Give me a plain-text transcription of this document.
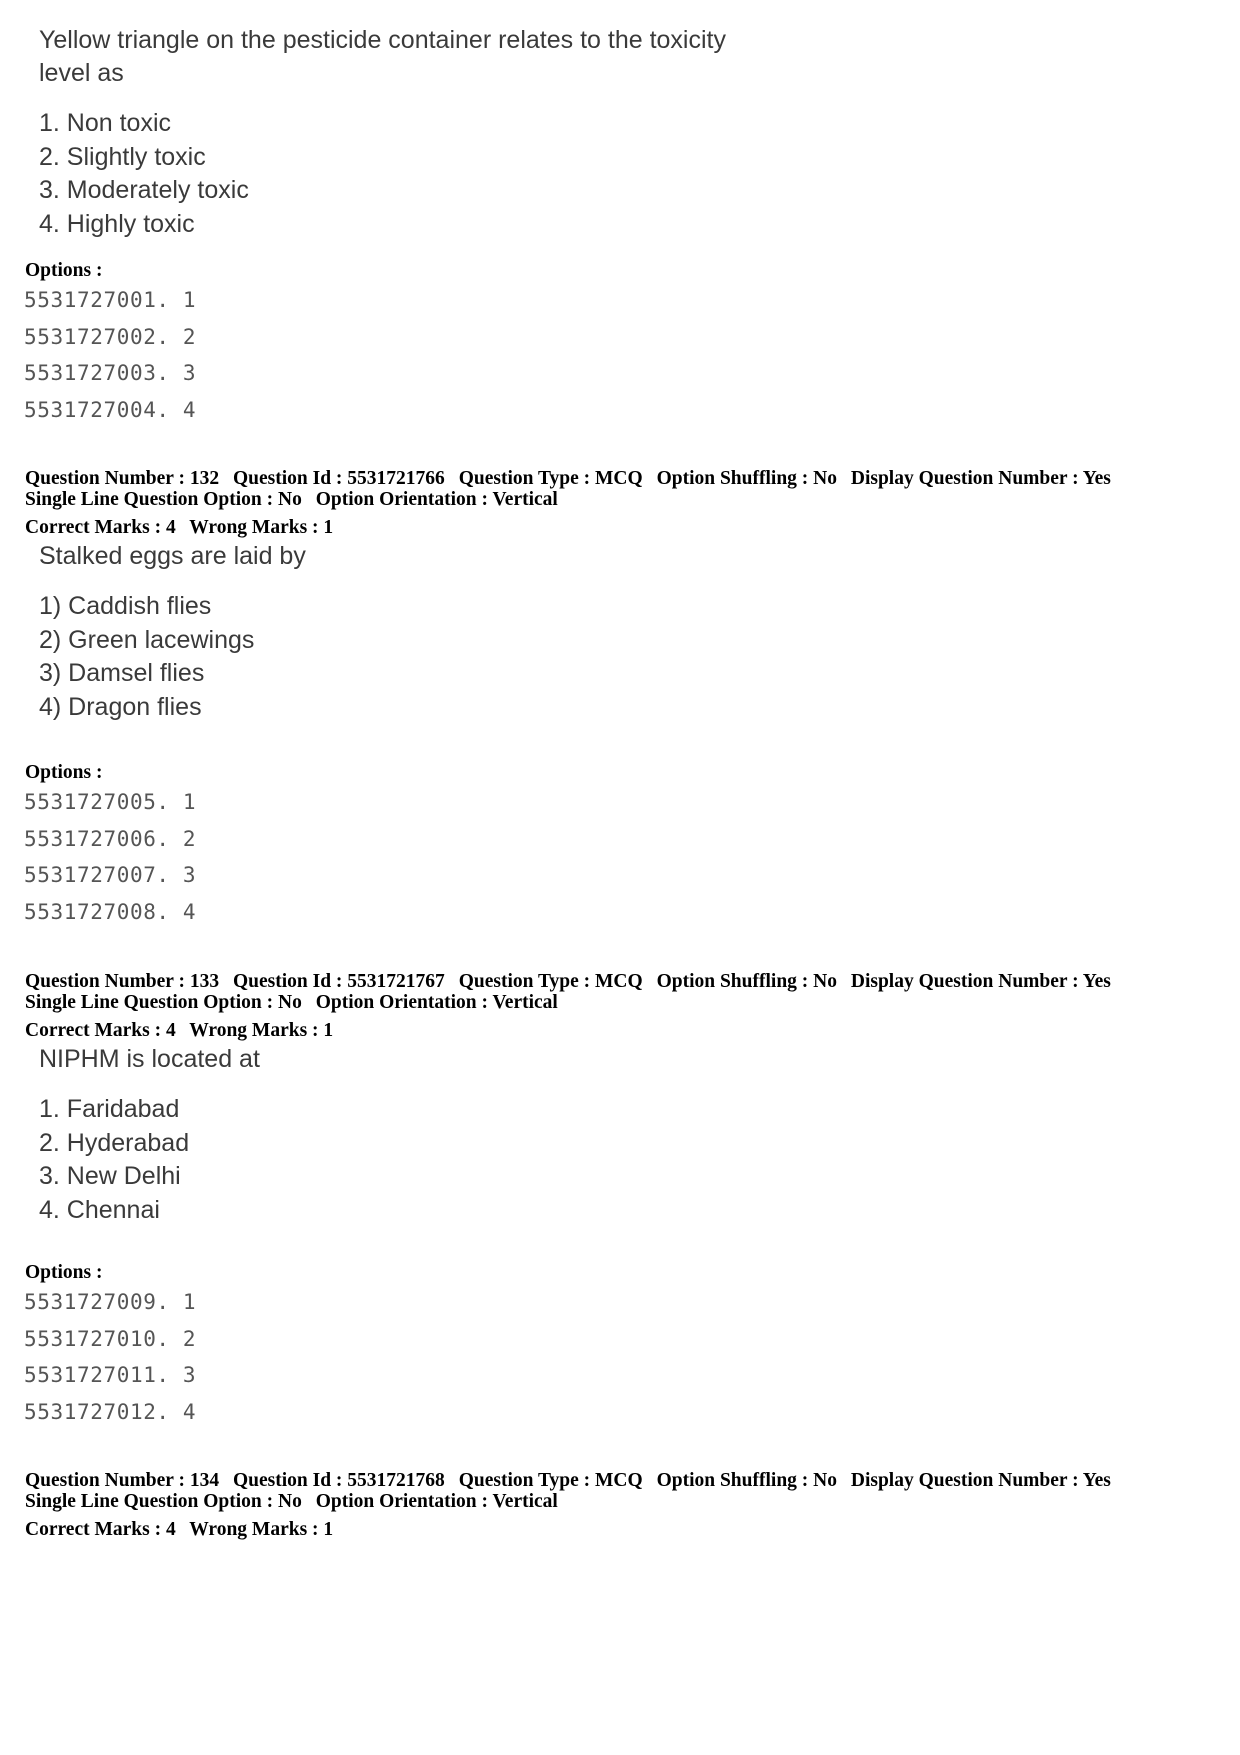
Yellow triangle on the pesticide container relates to the toxicity
level as
1. Non toxic
2. Slightly toxic
3. Moderately toxic
4. Highly toxic
Options :
5531727001. 1
5531727002. 2
5531727003. 3
5531727004. 4
Question Number : 132 Question Id : 5531721766 Question Type : MCQ Option Shuffling : No Display Question Number : Yes
Single Line Question Option : No Option Orientation : Vertical
Correct Marks : 4 Wrong Marks : 1
Stalked eggs are laid by
1) Caddish flies
2) Green lacewings
3) Damsel flies
4) Dragon flies
Options :
5531727005. 1
5531727006. 2
5531727007. 3
5531727008. 4
Question Number : 133 Question Id : 5531721767 Question Type : MCQ Option Shuffling : No Display Question Number : Yes
Single Line Question Option : No Option Orientation : Vertical
Correct Marks : 4 Wrong Marks : 1
NIPHM is located at
1. Faridabad
2. Hyderabad
3. New Delhi
4. Chennai
Options :
5531727009. 1
5531727010. 2
5531727011. 3
5531727012. 4
Question Number : 134 Question Id : 5531721768 Question Type : MCQ Option Shuffling : No Display Question Number : Yes
Single Line Question Option : No Option Orientation : Vertical
Correct Marks : 4 Wrong Marks : 1
